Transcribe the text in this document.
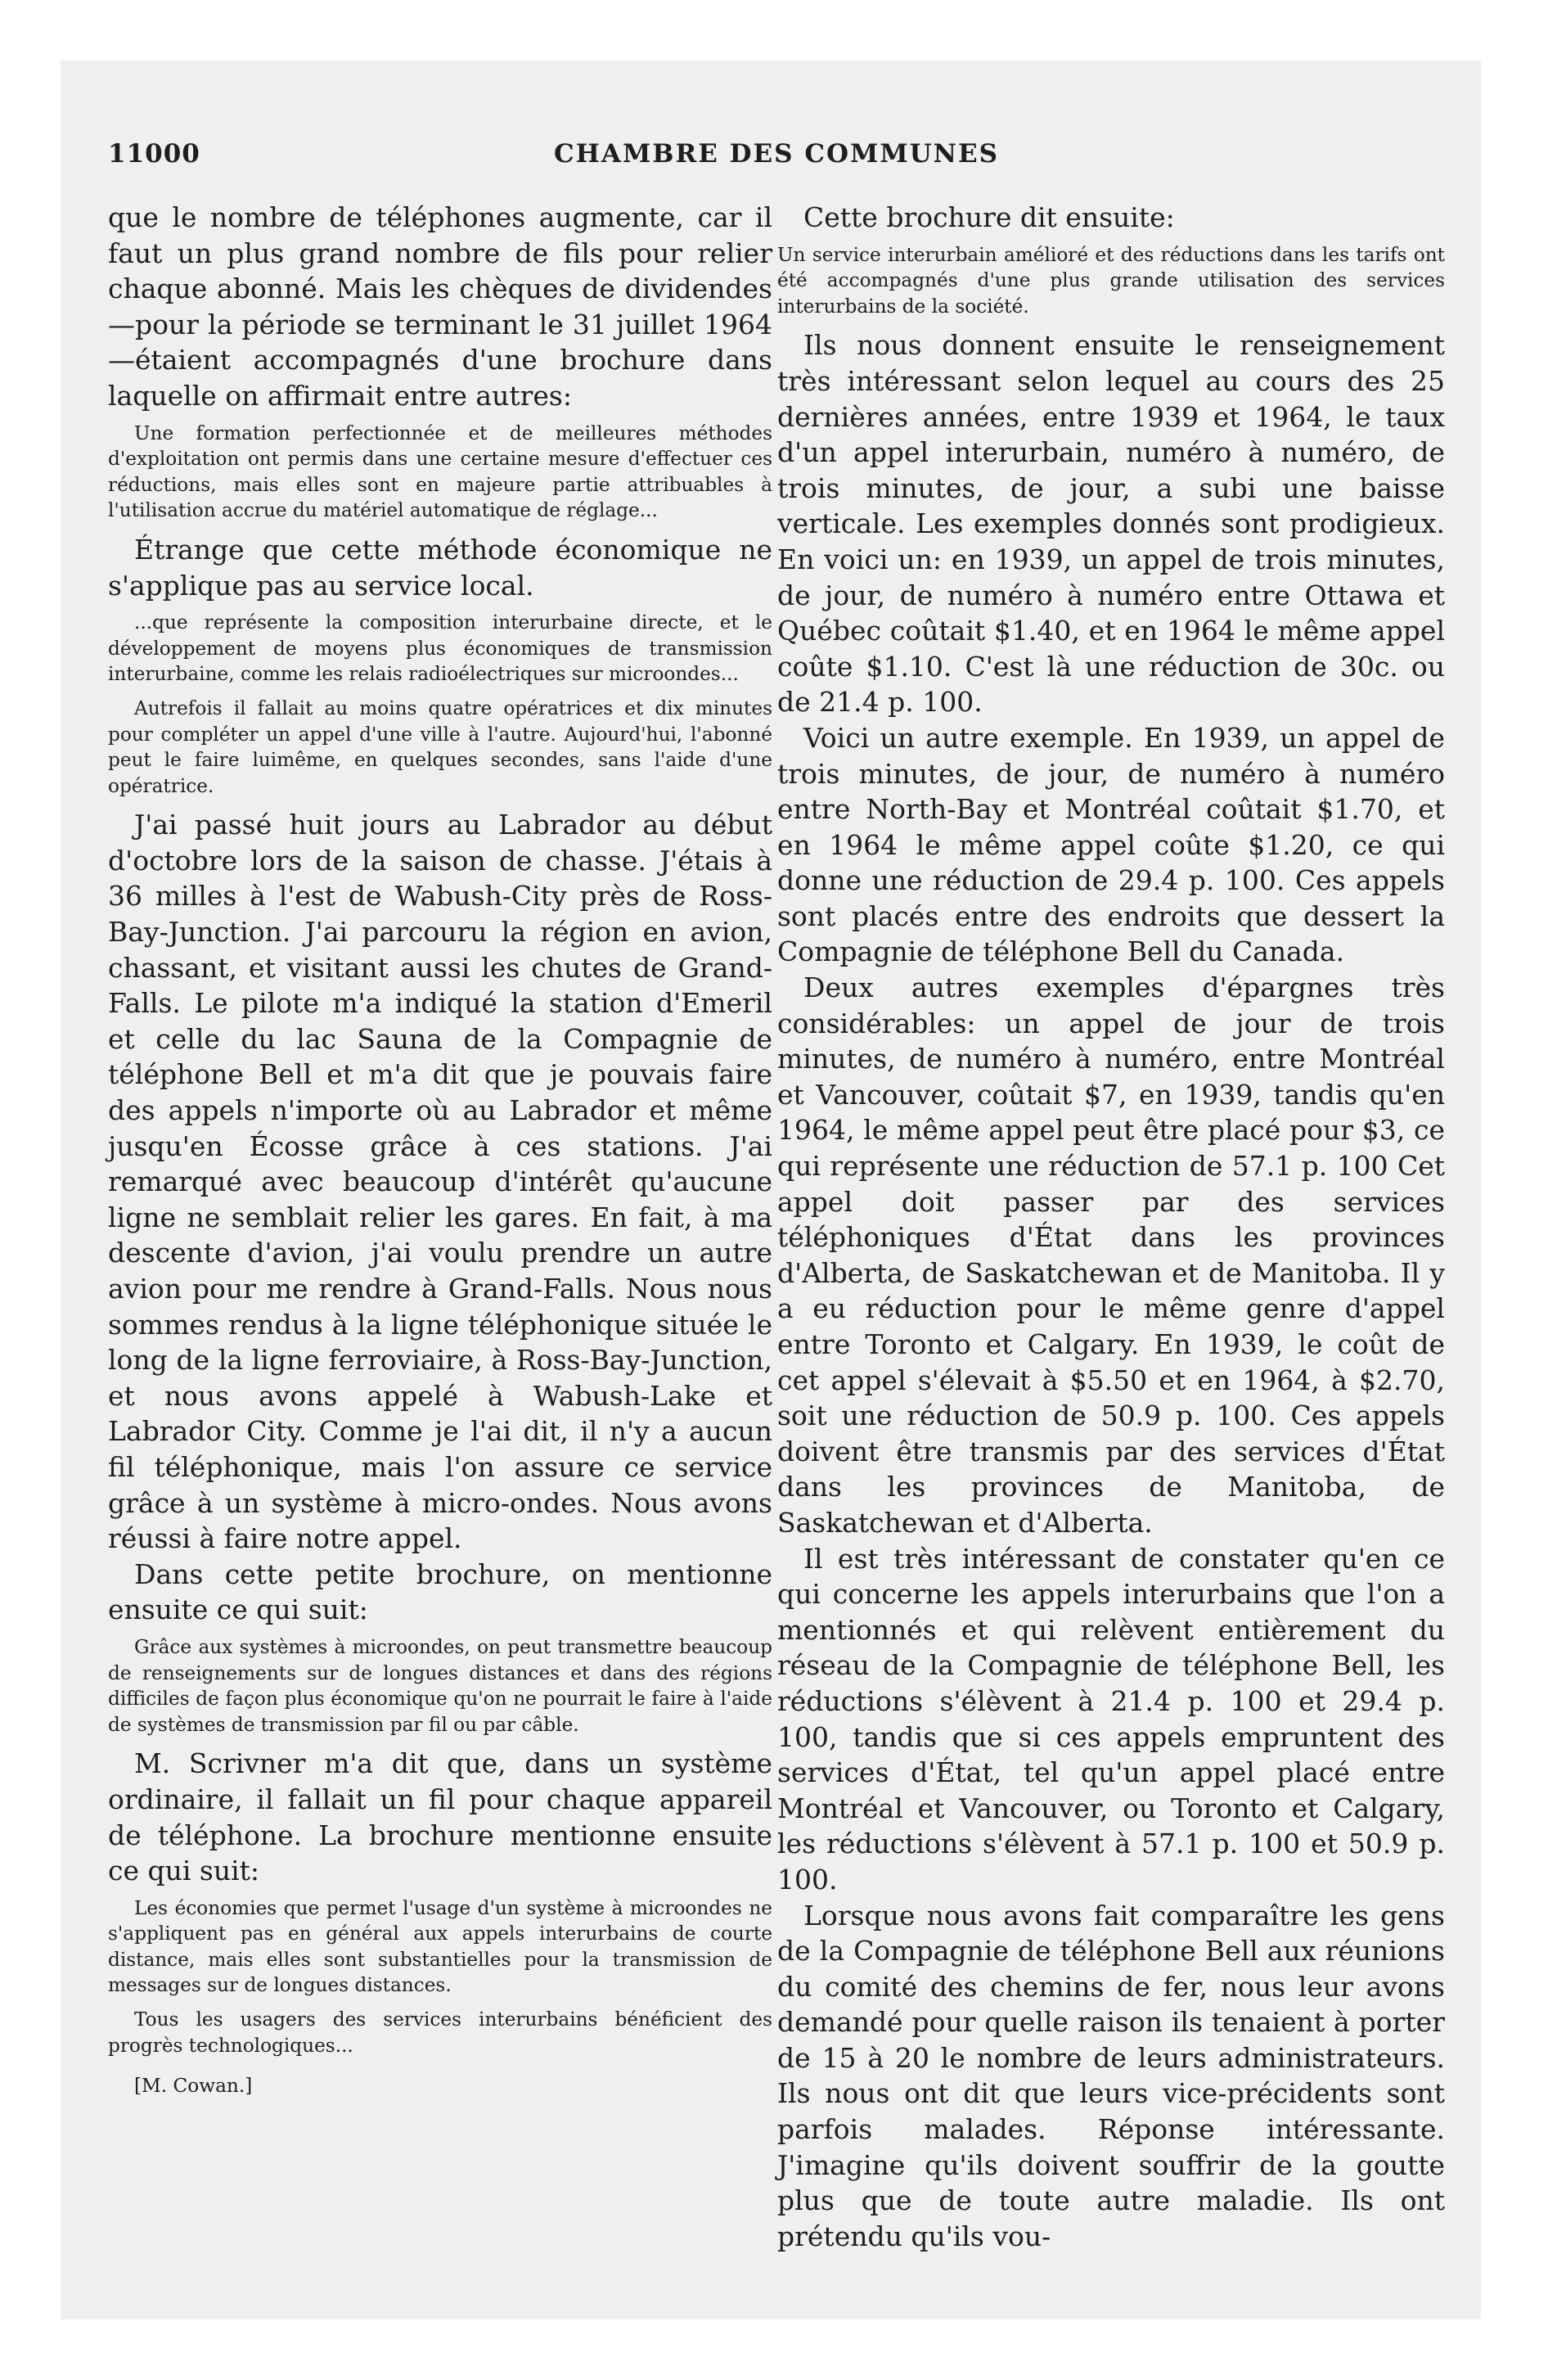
11000	CHAMBRE DES COMMUNES

que le nombre de téléphones augmente, car il faut un plus grand nombre de fils pour relier chaque abonné. Mais les chèques de dividendes—pour la période se terminant le 31 juillet 1964—étaient accompagnés d'une brochure dans laquelle on affirmait entre autres:

Une formation perfectionnée et de meilleures méthodes d'exploitation ont permis dans une certaine mesure d'effectuer ces réductions, mais elles sont en majeure partie attribuables à l'utilisation accrue du matériel automatique de réglage...

Étrange que cette méthode économique ne s'applique pas au service local.

...que représente la composition interurbaine directe, et le développement de moyens plus économiques de transmission interurbaine, comme les relais radioélectriques sur microondes...

Autrefois il fallait au moins quatre opératrices et dix minutes pour compléter un appel d'une ville à l'autre. Aujourd'hui, l'abonné peut le faire luimême, en quelques secondes, sans l'aide d'une opératrice.

J'ai passé huit jours au Labrador au début d'octobre lors de la saison de chasse. J'étais à 36 milles à l'est de Wabush-City près de Ross-Bay-Junction. J'ai parcouru la région en avion, chassant, et visitant aussi les chutes de Grand-Falls. Le pilote m'a indiqué la station d'Emeril et celle du lac Sauna de la Compagnie de téléphone Bell et m'a dit que je pouvais faire des appels n'importe où au Labrador et même jusqu'en Écosse grâce à ces stations. J'ai remarqué avec beaucoup d'intérêt qu'aucune ligne ne semblait relier les gares. En fait, à ma descente d'avion, j'ai voulu prendre un autre avion pour me rendre à Grand-Falls. Nous nous sommes rendus à la ligne téléphonique située le long de la ligne ferroviaire, à Ross-Bay-Junction, et nous avons appelé à Wabush-Lake et Labrador City. Comme je l'ai dit, il n'y a aucun fil téléphonique, mais l'on assure ce service grâce à un système à micro-ondes. Nous avons réussi à faire notre appel.

Dans cette petite brochure, on mentionne ensuite ce qui suit:

Grâce aux systèmes à microondes, on peut transmettre beaucoup de renseignements sur de longues distances et dans des régions difficiles de façon plus économique qu'on ne pourrait le faire à l'aide de systèmes de transmission par fil ou par câble.

M. Scrivner m'a dit que, dans un système ordinaire, il fallait un fil pour chaque appareil de téléphone. La brochure mentionne ensuite ce qui suit:

Les économies que permet l'usage d'un système à microondes ne s'appliquent pas en général aux appels interurbains de courte distance, mais elles sont substantielles pour la transmission de messages sur de longues distances.

Tous les usagers des services interurbains bénéficient des progrès technologiques...

[M. Cowan.]

Cette brochure dit ensuite:

Un service interurbain amélioré et des réductions dans les tarifs ont été accompagnés d'une plus grande utilisation des services interurbains de la société.

Ils nous donnent ensuite le renseignement très intéressant selon lequel au cours des 25 dernières années, entre 1939 et 1964, le taux d'un appel interurbain, numéro à numéro, de trois minutes, de jour, a subi une baisse verticale. Les exemples donnés sont prodigieux. En voici un: en 1939, un appel de trois minutes, de jour, de numéro à numéro entre Ottawa et Québec coûtait $1.40, et en 1964 le même appel coûte $1.10. C'est là une réduction de 30c. ou de 21.4 p. 100.

Voici un autre exemple. En 1939, un appel de trois minutes, de jour, de numéro à numéro entre North-Bay et Montréal coûtait $1.70, et en 1964 le même appel coûte $1.20, ce qui donne une réduction de 29.4 p. 100. Ces appels sont placés entre des endroits que dessert la Compagnie de téléphone Bell du Canada.

Deux autres exemples d'épargnes très considérables: un appel de jour de trois minutes, de numéro à numéro, entre Montréal et Vancouver, coûtait $7, en 1939, tandis qu'en 1964, le même appel peut être placé pour $3, ce qui représente une réduction de 57.1 p. 100 Cet appel doit passer par des services téléphoniques d'État dans les provinces d'Alberta, de Saskatchewan et de Manitoba. Il y a eu réduction pour le même genre d'appel entre Toronto et Calgary. En 1939, le coût de cet appel s'élevait à $5.50 et en 1964, à $2.70, soit une réduction de 50.9 p. 100. Ces appels doivent être transmis par des services d'État dans les provinces de Manitoba, de Saskatchewan et d'Alberta.

Il est très intéressant de constater qu'en ce qui concerne les appels interurbains que l'on a mentionnés et qui relèvent entièrement du réseau de la Compagnie de téléphone Bell, les réductions s'élèvent à 21.4 p. 100 et 29.4 p. 100, tandis que si ces appels empruntent des services d'État, tel qu'un appel placé entre Montréal et Vancouver, ou Toronto et Calgary, les réductions s'élèvent à 57.1 p. 100 et 50.9 p. 100.

Lorsque nous avons fait comparaître les gens de la Compagnie de téléphone Bell aux réunions du comité des chemins de fer, nous leur avons demandé pour quelle raison ils tenaient à porter de 15 à 20 le nombre de leurs administrateurs. Ils nous ont dit que leurs vice-précidents sont parfois malades. Réponse intéressante. J'imagine qu'ils doivent souffrir de la goutte plus que de toute autre maladie. Ils ont prétendu qu'ils vou-
